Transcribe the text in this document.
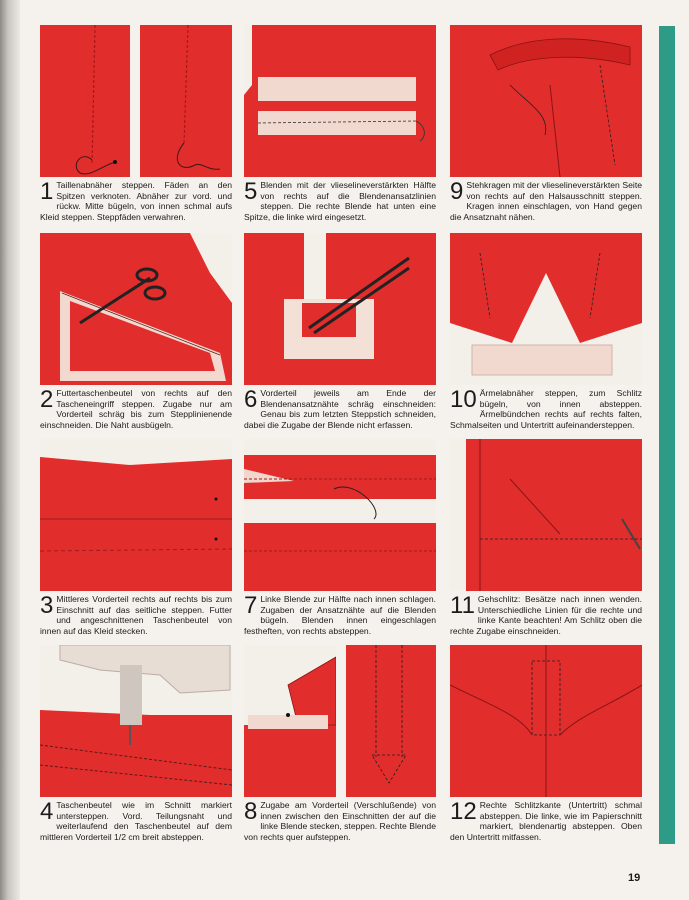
1 Taillenabnäher steppen. Fäden an den Spitzen verknoten. Abnäher zur vord. und rückw. Mitte bügeln, von innen schmal aufs Kleid steppen. Steppfäden verwahren.
2 Futtertaschenbeutel von rechts auf den Tascheneingriff steppen. Zugabe nur am Vorderteil schräg bis zum Stepplinienende einschneiden. Die Naht ausbügeln.
3 Mittleres Vorderteil rechts auf rechts bis zum Einschnitt auf das seitliche steppen. Futter und angeschnittenen Taschenbeutel von innen auf das Kleid stecken.
4 Taschenbeutel wie im Schnitt markiert untersteppen. Vord. Teilungsnaht und weiterlaufend den Taschenbeutel auf dem mittleren Vorderteil 1/2 cm breit absteppen.
5 Blenden mit der vlieselineverstärkten Hälfte von rechts auf die Blendenansatzlinien steppen. Die rechte Blende hat unten eine Spitze, die linke wird eingesetzt.
6 Vorderteil jeweils am Ende der Blendenansatznähte schräg einschneiden: Genau bis zum letzten Steppstich schneiden, dabei die Zugabe der Blende nicht erfassen.
7 Linke Blende zur Hälfte nach innen schlagen. Zugaben der Ansatznähte auf die Blenden bügeln. Blenden innen eingeschlagen festheften, von rechts absteppen.
8 Zugabe am Vorderteil (Verschlußende) von innen zwischen den Einschnitten der auf die linke Blende stecken, steppen. Rechte Blende von rechts quer aufsteppen.
9 Stehkragen mit der vlieselineverstärkten Seite von rechts auf den Halsausschnitt steppen. Kragen innen einschlagen, von Hand gegen die Ansatznaht nähen.
10 Ärmelabnäher steppen, zum Schlitz bügeln, von innen absteppen. Ärmelbündchen rechts auf rechts falten, Schmalseiten und Untertritt aufeinandersteppen.
11 Gehschlitz: Besätze nach innen wenden. Unterschiedliche Linien für die rechte und linke Kante beachten! Am Schlitz oben die rechte Zugabe einschneiden.
12 Rechte Schlitzkante (Untertritt) schmal absteppen. Die linke, wie im Papierschnitt markiert, blendenartig absteppen. Oben den Untertritt mitfassen.
19
